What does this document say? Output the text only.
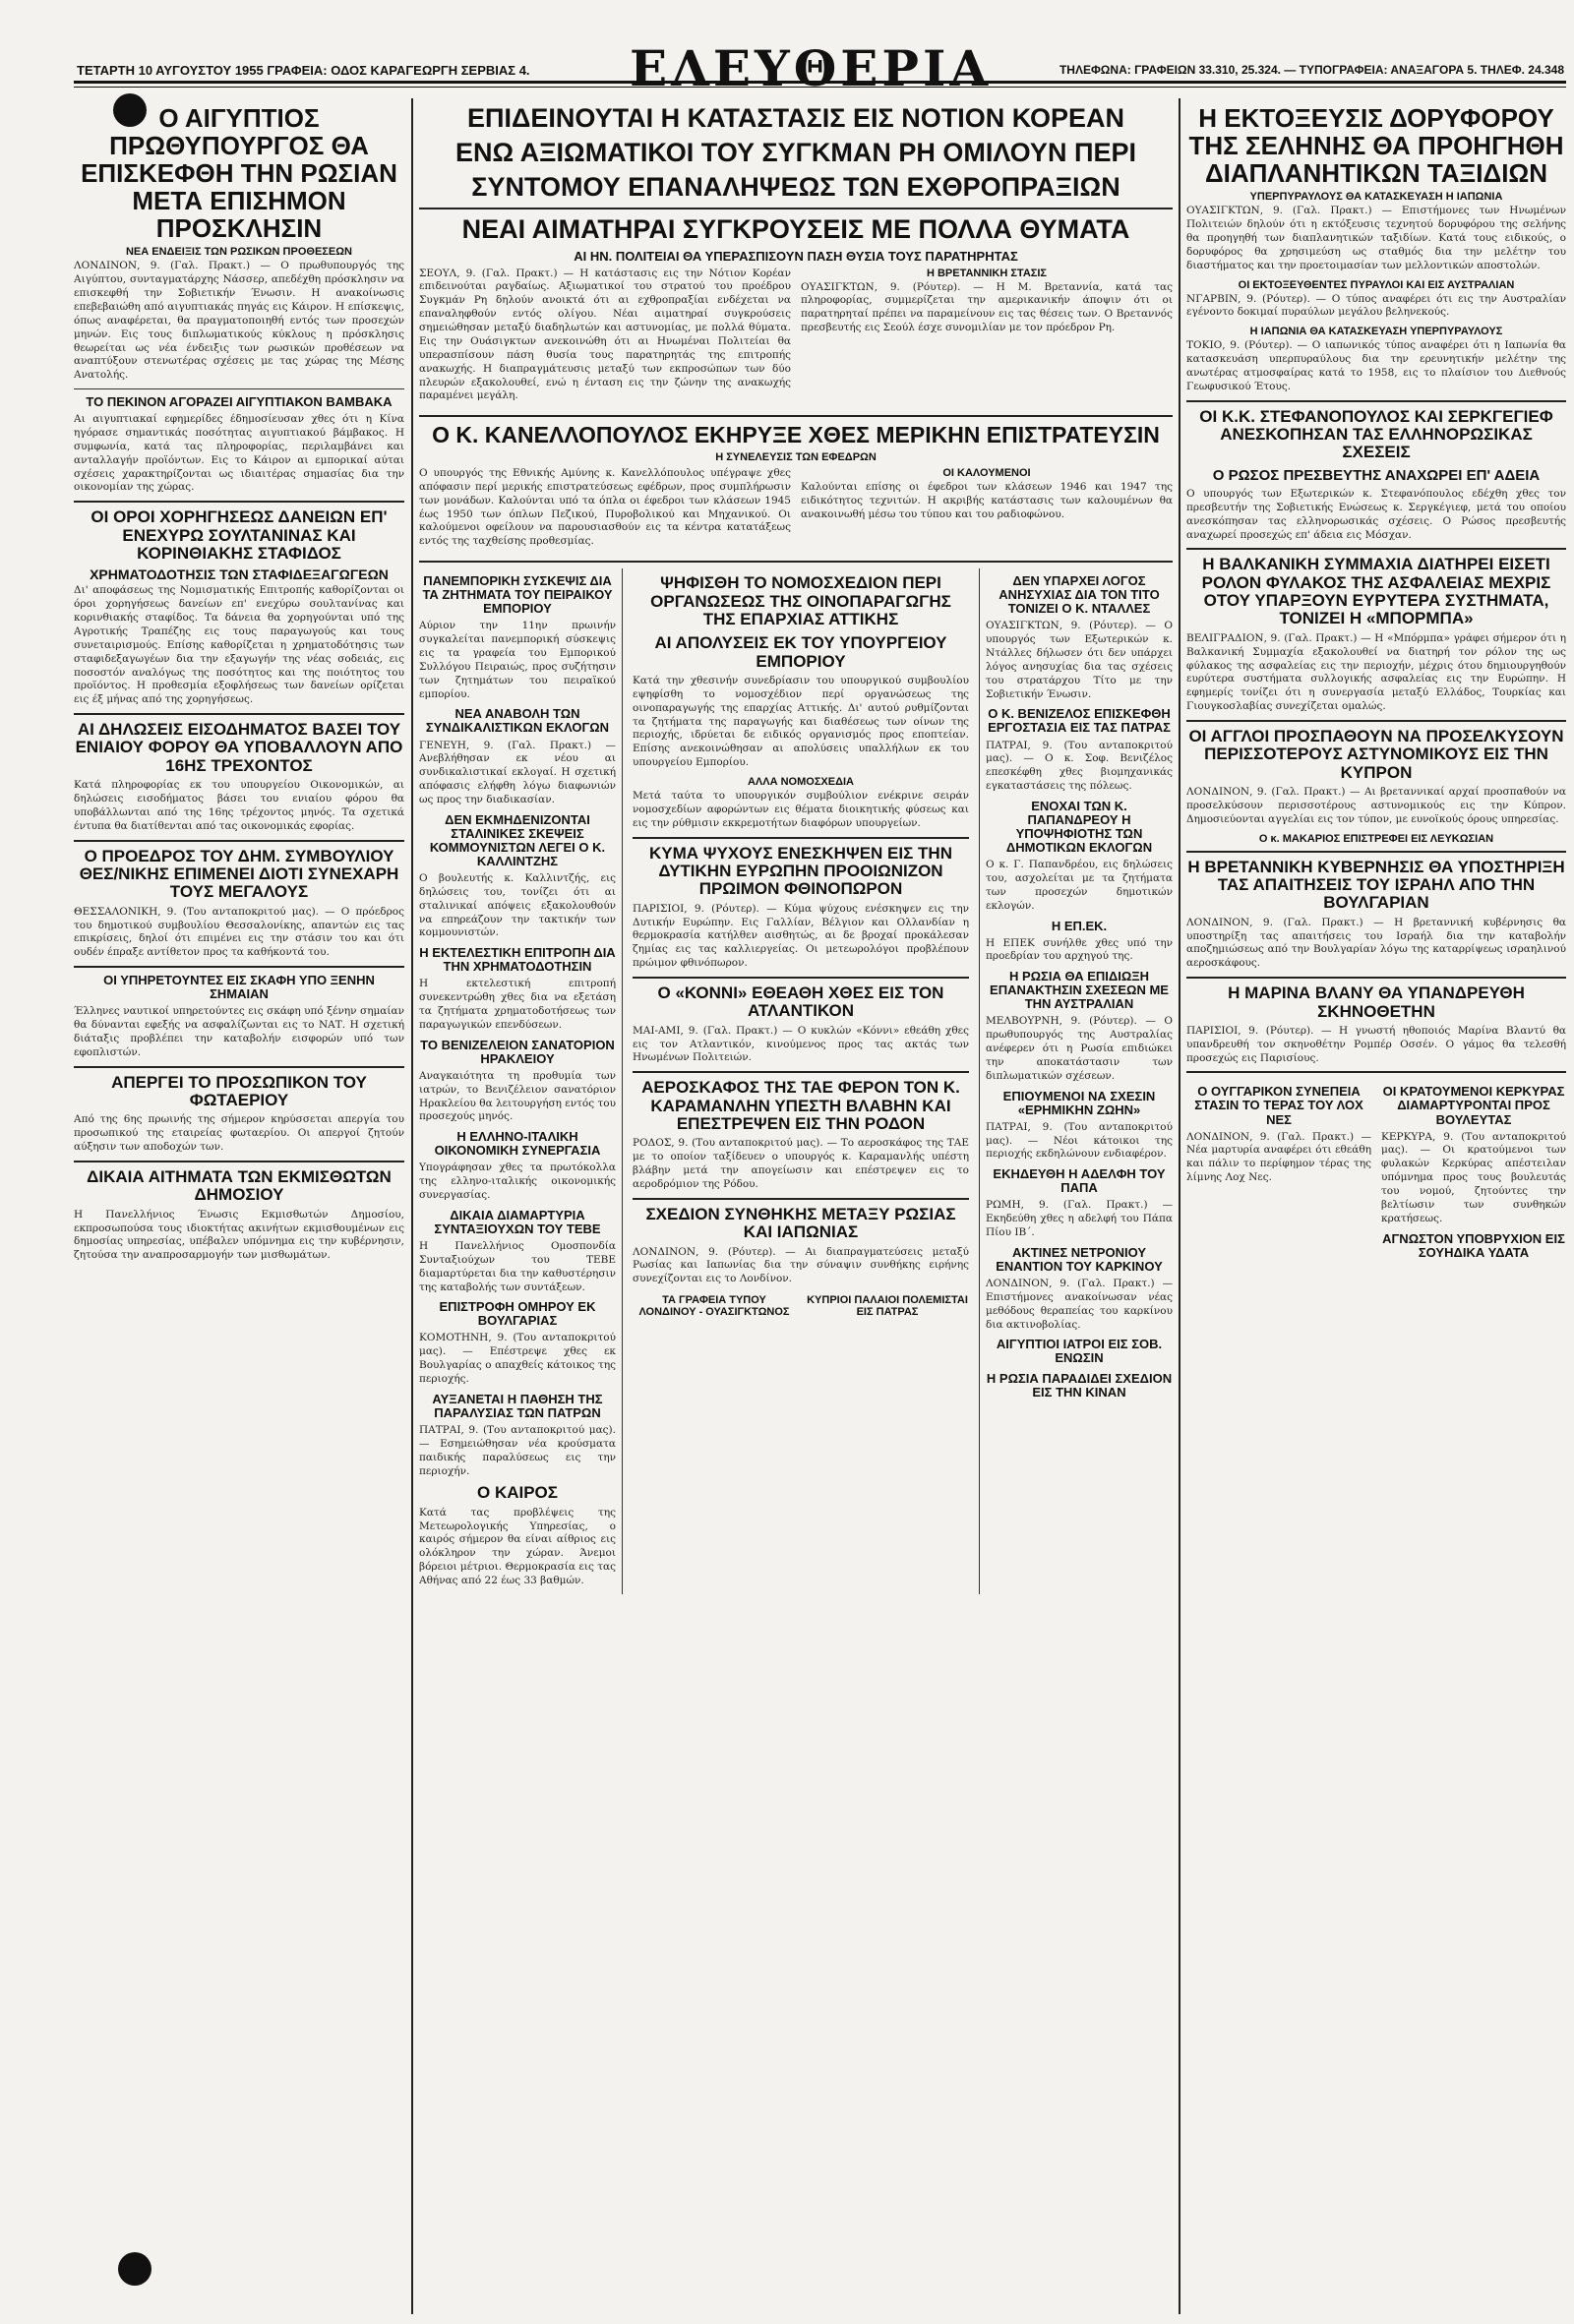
ΤΕΤΑΡΤΗ 10 ΑΥΓΟΥΣΤΟΥ 1955 ΓΡΑΦΕΙΑ: ΟΔΟΣ ΚΑΡΑΓΕΩΡΓΗ ΣΕΡΒΙΑΣ 4. ΕΛΕΥΘΕΡΙΑ	ΤΗΛΕΦΩΝΑ: ΓΡΑΦΕΙΩΝ 33.310, 25.324. — ΤΥΠΟΓΡΑΦΕΙΑ: ΑΝΑΞΑΓΟΡΑ 5. ΤΗΛΕΦ. 24.348
Ο ΑΙΓΥΠΤΙΟΣ ΠΡΩΘΥΠΟΥΡΓΟΣ ΘΑ ΕΠΙΣΚΕΦΘΗ ΤΗΝ ΡΩΣΙΑΝ ΜΕΤΑ ΕΠΙΣΗΜΟΝ ΠΡΟΣΚΛΗΣΙΝ
ΝΕΑ ΕΝΔΕΙΞΙΣ ΤΩΝ ΡΩΣΙΚΩΝ ΠΡΟΘΕΣΕΩΝ
ΛΟΝΔΙΝΟΝ, 9. (Γαλ. Πρακτ.) — Ο πρωθυπουργός της Αιγύπτου, συνταγματάρχης Νάσσερ, απεδέχθη πρόσκλησιν να επισκεφθή την Σοβιετικήν Ένωσιν. Η ανακοίνωσις επεβεβαιώθη από αιγυπτιακάς πηγάς εις Κάιρον. Η επίσκεψις, όπως αναφέρεται, θα πραγματοποιηθή εντός των προσεχών μηνών. Εις τους διπλωματικούς κύκλους η πρόσκλησις θεωρείται ως νέα ένδειξις των ρωσικών προθέσεων να αναπτύξουν στενωτέρας σχέσεις με τας χώρας της Μέσης Ανατολής.
ΤΟ ΠΕΚΙΝΟΝ ΑΓΟΡΑΖΕΙ ΑΙΓΥΠΤΙΑΚΟΝ ΒΑΜΒΑΚΑ
Αι αιγυπτιακαί εφημερίδες έδημοσίευσαν χθες ότι η Κίνα ηγόρασε σημαντικάς ποσότητας αιγυπτιακού βάμβακος. Η συμφωνία, κατά τας πληροφορίας, περιλαμβάνει και ανταλλαγήν προϊόντων. Εις το Κάιρον αι εμπορικαί αύται σχέσεις χαρακτηρίζονται ως ιδιαιτέρας σημασίας δια την οικονομίαν της χώρας.
ΟΙ ΟΡΟΙ ΧΟΡΗΓΗΣΕΩΣ ΔΑΝΕΙΩΝ ΕΠ' ΕΝΕΧΥΡΩ ΣΟΥΛΤΑΝΙΝΑΣ ΚΑΙ ΚΟΡΙΝΘΙΑΚΗΣ ΣΤΑΦΙΔΟΣ
ΧΡΗΜΑΤΟΔΟΤΗΣΙΣ ΤΩΝ ΣΤΑΦΙΔΕΞΑΓΩΓΕΩΝ
Δι' αποφάσεως της Νομισματικής Επιτροπής καθορίζονται οι όροι χορηγήσεως δανείων επ' ενεχύρω σουλτανίνας και κορινθιακής σταφίδος. Τα δάνεια θα χορηγούνται υπό της Αγροτικής Τραπέζης εις τους παραγωγούς και τους συνεταιρισμούς. Επίσης καθορίζεται η χρηματοδότησις των σταφιδεξαγωγέων δια την εξαγωγήν της νέας σοδειάς, εις ποσοστόν αναλόγως της ποσότητος και της ποιότητος του προϊόντος. Η προθεσμία εξοφλήσεως των δανείων ορίζεται εις έξ μήνας από της χορηγήσεως.
ΑΙ ΔΗΛΩΣΕΙΣ ΕΙΣΟΔΗΜΑΤΟΣ ΒΑΣΕΙ ΤΟΥ ΕΝΙΑΙΟΥ ΦΟΡΟΥ ΘΑ ΥΠΟΒΑΛΛΟΥΝ ΑΠΟ 16ΗΣ ΤΡΕΧΟΝΤΟΣ
Κατά πληροφορίας εκ του υπουργείου Οικονομικών, αι δηλώσεις εισοδήματος βάσει του ενιαίου φόρου θα υποβάλλωνται από της 16ης τρέχοντος μηνός. Τα σχετικά έντυπα θα διατίθενται από τας οικονομικάς εφορίας.
Ο ΠΡΟΕΔΡΟΣ ΤΟΥ ΔΗΜ. ΣΥΜΒΟΥΛΙΟΥ ΘΕΣ/ΝΙΚΗΣ ΕΠΙΜΕΝΕΙ ΔΙΟΤΙ ΣΥΝΕΧΑΡΗ ΤΟΥΣ ΜΕΓΑΛΟΥΣ
ΘΕΣΣΑΛΟΝΙΚΗ, 9. (Του ανταποκριτού μας). — Ο πρόεδρος του δημοτικού συμβουλίου Θεσσαλονίκης, απαντών εις τας επικρίσεις, δηλοί ότι επιμένει εις την στάσιν του και ότι ουδέν έπραξε αντίθετον προς τα καθήκοντά του.
ΟΙ ΥΠΗΡΕΤΟΥΝΤΕΣ ΕΙΣ ΣΚΑΦΗ ΥΠΟ ΞΕΝΗΝ ΣΗΜΑΙΑΝ
Έλληνες ναυτικοί υπηρετούντες εις σκάφη υπό ξένην σημαίαν θα δύνανται εφεξής να ασφαλίζωνται εις το ΝΑΤ. Η σχετική διάταξις προβλέπει την καταβολήν εισφορών υπό των εφοπλιστών.
ΑΠΕΡΓΕΙ ΤΟ ΠΡΟΣΩΠΙΚΟΝ ΤΟΥ ΦΩΤΑΕΡΙΟΥ
Από της 6ης πρωινής της σήμερον κηρύσσεται απεργία του προσωπικού της εταιρείας φωταερίου. Οι απεργοί ζητούν αύξησιν των αποδοχών των.
ΔΙΚΑΙΑ ΑΙΤΗΜΑΤΑ ΤΩΝ ΕΚΜΙΣΘΩΤΩΝ ΔΗΜΟΣΙΟΥ
Η Πανελλήνιος Ένωσις Εκμισθωτών Δημοσίου, εκπροσωπούσα τους ιδιοκτήτας ακινήτων εκμισθουμένων εις δημοσίας υπηρεσίας, υπέβαλεν υπόμνημα εις την κυβέρνησιν, ζητούσα την αναπροσαρμογήν των μισθωμάτων.
ΕΠΙΔΕΙΝΟΥΤΑΙ Η ΚΑΤΑΣΤΑΣΙΣ ΕΙΣ ΝΟΤΙΟΝ ΚΟΡΕΑΝ
ΕΝΩ ΑΞΙΩΜΑΤΙΚΟΙ ΤΟΥ ΣΥΓΚΜΑΝ ΡΗ ΟΜΙΛΟΥΝ ΠΕΡΙ
ΣΥΝΤΟΜΟΥ ΕΠΑΝΑΛΗΨΕΩΣ ΤΩΝ ΕΧΘΡΟΠΡΑΞΙΩΝ
ΝΕΑΙ ΑΙΜΑΤΗΡΑΙ ΣΥΓΚΡΟΥΣΕΙΣ ΜΕ ΠΟΛΛΑ ΘΥΜΑΤΑ
ΑΙ ΗΝ. ΠΟΛΙΤΕΙΑΙ ΘΑ ΥΠΕΡΑΣΠΙΣΟΥΝ ΠΑΣΗ ΘΥΣΙΑ ΤΟΥΣ ΠΑΡΑΤΗΡΗΤΑΣ
ΣΕΟΥΛ, 9. (Γαλ. Πρακτ.) — Η κατάστασις εις την Νότιον Κορέαν επιδεινούται ραγδαίως. Αξιωματικοί του στρατού του προέδρου Συγκμάν Ρη δηλούν ανοικτά ότι αι εχθροπραξίαι ενδέχεται να επαναληφθούν εντός ολίγου. Νέαι αιματηραί συγκρούσεις σημειώθησαν μεταξύ διαδηλωτών και αστυνομίας, με πολλά θύματα. Εις την Ουάσιγκτων ανεκοινώθη ότι αι Ηνωμέναι Πολιτείαι θα υπερασπίσουν πάση θυσία τους παρατηρητάς της επιτροπής ανακωχής. Η διαπραγμάτευσις μεταξύ των εκπροσώπων των δύο πλευρών εξακολουθεί, ενώ η ένταση εις την ζώνην της ανακωχής παραμένει μεγάλη.
Η ΒΡΕΤΑΝΝΙΚΗ ΣΤΑΣΙΣ
ΟΥΑΣΙΓΚΤΩΝ, 9. (Ρόυτερ). — Η Μ. Βρεταννία, κατά τας πληροφορίας, συμμερίζεται την αμερικανικήν άποψιν ότι οι παρατηρηταί πρέπει να παραμείνουν εις τας θέσεις των. Ο Βρεταννός πρεσβευτής εις Σεούλ έσχε συνομιλίαν με τον πρόεδρον Ρη.
Ο Κ. ΚΑΝΕΛΛΟΠΟΥΛΟΣ ΕΚΗΡΥΞΕ ΧΘΕΣ ΜΕΡΙΚΗΝ ΕΠΙΣΤΡΑΤΕΥΣΙΝ
Η ΣΥΝΕΛΕΥΣΙΣ ΤΩΝ ΕΦΕΔΡΩΝ
Ο υπουργός της Εθνικής Αμύνης κ. Κανελλόπουλος υπέγραψε χθες απόφασιν περί μερικής επιστρατεύσεως εφέδρων, προς συμπλήρωσιν των μονάδων. Καλούνται υπό τα όπλα οι έφεδροι των κλάσεων 1945 έως 1950 των όπλων Πεζικού, Πυροβολικού και Μηχανικού. Οι καλούμενοι οφείλουν να παρουσιασθούν εις τα κέντρα κατατάξεως εντός της ταχθείσης προθεσμίας.
ΟΙ ΚΑΛΟΥΜΕΝΟΙ
Καλούνται επίσης οι έφεδροι των κλάσεων 1946 και 1947 της ειδικότητος τεχνιτών. Η ακριβής κατάστασις των καλουμένων θα ανακοινωθή μέσω του τύπου και του ραδιοφώνου.
ΠΑΝΕΜΠΟΡΙΚΗ ΣΥΣΚΕΨΙΣ ΔΙΑ ΤΑ ΖΗΤΗΜΑΤΑ ΤΟΥ ΠΕΙΡΑΙΚΟΥ ΕΜΠΟΡΙΟΥ
Αύριον την 11ην πρωινήν συγκαλείται πανεμπορική σύσκεψις εις τα γραφεία του Εμπορικού Συλλόγου Πειραιώς, προς συζήτησιν των ζητημάτων του πειραϊκού εμπορίου.
ΝΕΑ ΑΝΑΒΟΛΗ ΤΩΝ ΣΥΝΔΙΚΑΛΙΣΤΙΚΩΝ ΕΚΛΟΓΩΝ
ΓΕΝΕΥΗ, 9. (Γαλ. Πρακτ.) — Ανεβλήθησαν εκ νέου αι συνδικαλιστικαί εκλογαί. Η σχετική απόφασις ελήφθη λόγω διαφωνιών ως προς την διαδικασίαν.
ΔΕΝ ΕΚΜΗΔΕΝΙΖΟΝΤΑΙ ΣΤΑΛΙΝΙΚΕΣ ΣΚΕΨΕΙΣ ΚΟΜΜΟΥΝΙΣΤΩΝ ΛΕΓΕΙ Ο Κ. ΚΑΛΛΙΝΤΖΗΣ
Ο βουλευτής κ. Καλλιντζής, εις δηλώσεις του, τονίζει ότι αι σταλινικαί απόψεις εξακολουθούν να επηρεάζουν την τακτικήν των κομμουνιστών.
Η ΕΚΤΕΛΕΣΤΙΚΗ ΕΠΙΤΡΟΠΗ ΔΙΑ ΤΗΝ ΧΡΗΜΑΤΟΔΟΤΗΣΙΝ
Η εκτελεστική επιτροπή συνεκεντρώθη χθες δια να εξετάση τα ζητήματα χρηματοδοτήσεως των παραγωγικών επενδύσεων.
ΤΟ ΒΕΝΙΖΕΛΕΙΟΝ ΣΑΝΑΤΟΡΙΟΝ ΗΡΑΚΛΕΙΟΥ
Αναγκαιότητα τη προθυμία των ιατρών, το Βενιζέλειον σανατόριον Ηρακλείου θα λειτουργήση εντός του προσεχούς μηνός.
Η ΕΛΛΗΝΟ-ΙΤΑΛΙΚΗ ΟΙΚΟΝΟΜΙΚΗ ΣΥΝΕΡΓΑΣΙΑ
Υπογράφησαν χθες τα πρωτόκολλα της ελληνο-ιταλικής οικονομικής συνεργασίας.
ΔΙΚΑΙΑ ΔΙΑΜΑΡΤΥΡΙΑ ΣΥΝΤΑΞΙΟΥΧΩΝ ΤΟΥ ΤΕΒΕ
Η Πανελλήνιος Ομοσπονδία Συνταξιούχων του ΤΕΒΕ διαμαρτύρεται δια την καθυστέρησιν της καταβολής των συντάξεων.
ΕΠΙΣΤΡΟΦΗ ΟΜΗΡΟΥ ΕΚ ΒΟΥΛΓΑΡΙΑΣ
ΚΟΜΟΤΗΝΗ, 9. (Του ανταποκριτού μας). — Επέστρεψε χθες εκ Βουλγαρίας ο απαχθείς κάτοικος της περιοχής.
ΑΥΞΑΝΕΤΑΙ Η ΠΑΘΗΣΗ ΤΗΣ ΠΑΡΑΛΥΣΙΑΣ ΤΩΝ ΠΑΤΡΩΝ
ΠΑΤΡΑΙ, 9. (Του ανταποκριτού μας). — Εσημειώθησαν νέα κρούσματα παιδικής παραλύσεως εις την περιοχήν.
Ο ΚΑΙΡΟΣ
Κατά τας προβλέψεις της Μετεωρολογικής Υπηρεσίας, ο καιρός σήμερον θα είναι αίθριος εις ολόκληρον την χώραν. Άνεμοι βόρειοι μέτριοι. Θερμοκρασία εις τας Αθήνας από 22 έως 33 βαθμών.
ΨΗΦΙΣΘΗ ΤΟ ΝΟΜΟΣΧΕΔΙΟΝ ΠΕΡΙ ΟΡΓΑΝΩΣΕΩΣ ΤΗΣ ΟΙΝΟΠΑΡΑΓΩΓΗΣ ΤΗΣ ΕΠΑΡΧΙΑΣ ΑΤΤΙΚΗΣ
ΑΙ ΑΠΟΛΥΣΕΙΣ ΕΚ ΤΟΥ ΥΠΟΥΡΓΕΙΟΥ ΕΜΠΟΡΙΟΥ
Κατά την χθεσινήν συνεδρίασιν του υπουργικού συμβουλίου εψηφίσθη το νομοσχέδιον περί οργανώσεως της οινοπαραγωγής της επαρχίας Αττικής. Δι' αυτού ρυθμίζονται τα ζητήματα της παραγωγής και διαθέσεως των οίνων της περιοχής, ιδρύεται δε ειδικός οργανισμός προς εποπτείαν. Επίσης ανεκοινώθησαν αι απολύσεις υπαλλήλων εκ του υπουργείου Εμπορίου.
ΑΛΛΑ ΝΟΜΟΣΧΕΔΙΑ
Μετά ταύτα το υπουργικόν συμβούλιον ενέκρινε σειράν νομοσχεδίων αφορώντων εις θέματα διοικητικής φύσεως και εις την ρύθμισιν εκκρεμοτήτων διαφόρων υπουργείων.
ΚΥΜΑ ΨΥΧΟΥΣ ΕΝΕΣΚΗΨΕΝ ΕΙΣ ΤΗΝ ΔΥΤΙΚΗΝ ΕΥΡΩΠΗΝ ΠΡΟΟΙΩΝΙΖΟΝ ΠΡΩΙΜΟΝ ΦΘΙΝΟΠΩΡΟΝ
ΠΑΡΙΣΙΟΙ, 9. (Ρόυτερ). — Κύμα ψύχους ενέσκηψεν εις την Δυτικήν Ευρώπην. Εις Γαλλίαν, Βέλγιον και Ολλανδίαν η θερμοκρασία κατήλθεν αισθητώς, αι δε βροχαί προκάλεσαν ζημίας εις τας καλλιεργείας. Οι μετεωρολόγοι προβλέπουν πρώιμον φθινόπωρον.
Ο «ΚΟΝΝΙ» ΕΘΕΑΘΗ ΧΘΕΣ ΕΙΣ ΤΟΝ ΑΤΛΑΝΤΙΚΟΝ
ΜΑΙ-ΑΜΙ, 9. (Γαλ. Πρακτ.) — Ο κυκλών «Κόννι» εθεάθη χθες εις τον Ατλαντικόν, κινούμενος προς τας ακτάς των Ηνωμένων Πολιτειών.
ΑΕΡΟΣΚΑΦΟΣ ΤΗΣ ΤΑΕ ΦΕΡΟΝ ΤΟΝ Κ. ΚΑΡΑΜΑΝΛΗΝ ΥΠΕΣΤΗ ΒΛΑΒΗΝ ΚΑΙ ΕΠΕΣΤΡΕΨΕΝ ΕΙΣ ΤΗΝ ΡΟΔΟΝ
ΡΟΔΟΣ, 9. (Του ανταποκριτού μας). — Το αεροσκάφος της ΤΑΕ με το οποίον ταξίδευεν ο υπουργός κ. Καραμανλής υπέστη βλάβην μετά την απογείωσιν και επέστρεψεν εις το αεροδρόμιον της Ρόδου.
ΣΧΕΔΙΟΝ ΣΥΝΘΗΚΗΣ ΜΕΤΑΞΥ ΡΩΣΙΑΣ ΚΑΙ ΙΑΠΩΝΙΑΣ
ΛΟΝΔΙΝΟΝ, 9. (Ρόυτερ). — Αι διαπραγματεύσεις μεταξύ Ρωσίας και Ιαπωνίας δια την σύναψιν συνθήκης ειρήνης συνεχίζονται εις το Λονδίνον.
ΤΑ ΓΡΑΦΕΙΑ ΤΥΠΟΥ ΛΟΝΔΙΝΟΥ - ΟΥΑΣΙΓΚΤΩΝΟΣ
ΚΥΠΡΙΟΙ ΠΑΛΑΙΟΙ ΠΟΛΕΜΙΣΤΑΙ ΕΙΣ ΠΑΤΡΑΣ
ΔΕΝ ΥΠΑΡΧΕΙ ΛΟΓΟΣ ΑΝΗΣΥΧΙΑΣ ΔΙΑ ΤΟΝ ΤΙΤΟ ΤΟΝΙΖΕΙ Ο Κ. ΝΤΑΛΛΕΣ
ΟΥΑΣΙΓΚΤΩΝ, 9. (Ρόυτερ). — Ο υπουργός των Εξωτερικών κ. Ντάλλες δήλωσεν ότι δεν υπάρχει λόγος ανησυχίας δια τας σχέσεις του στρατάρχου Τίτο με την Σοβιετικήν Ένωσιν.
Ο Κ. ΒΕΝΙΖΕΛΟΣ ΕΠΙΣΚΕΦΘΗ ΕΡΓΟΣΤΑΣΙΑ ΕΙΣ ΤΑΣ ΠΑΤΡΑΣ
ΠΑΤΡΑΙ, 9. (Του ανταποκριτού μας). — Ο κ. Σοφ. Βενιζέλος επεσκέφθη χθες βιομηχανικάς εγκαταστάσεις της πόλεως.
ΕΝΟΧΑΙ ΤΩΝ Κ. ΠΑΠΑΝΔΡΕΟΥ Η ΥΠΟΨΗΦΙΟΤΗΣ ΤΩΝ ΔΗΜΟΤΙΚΩΝ ΕΚΛΟΓΩΝ
Ο κ. Γ. Παπανδρέου, εις δηλώσεις του, ασχολείται με τα ζητήματα των προσεχών δημοτικών εκλογών.
Η ΕΠ.ΕΚ.
Η ΕΠΕΚ συνήλθε χθες υπό την προεδρίαν του αρχηγού της.
Η ΡΩΣΙΑ ΘΑ ΕΠΙΔΙΩΞΗ ΕΠΑΝΑΚΤΗΣΙΝ ΣΧΕΣΕΩΝ ΜΕ ΤΗΝ ΑΥΣΤΡΑΛΙΑΝ
ΜΕΛΒΟΥΡΝΗ, 9. (Ρόυτερ). — Ο πρωθυπουργός της Αυστραλίας ανέφερεν ότι η Ρωσία επιδιώκει την αποκατάστασιν των διπλωματικών σχέσεων.
ΕΠΙΟΥΜΕΝΟΙ ΝΑ ΣΧΕΣΙΝ «ΕΡΗΜΙΚΗΝ ΖΩΗΝ»
ΠΑΤΡΑΙ, 9. (Του ανταποκριτού μας). — Νέοι κάτοικοι της περιοχής εκδηλώνουν ενδιαφέρον.
ΕΚΗΔΕΥΘΗ Η ΑΔΕΛΦΗ ΤΟΥ ΠΑΠΑ
ΡΩΜΗ, 9. (Γαλ. Πρακτ.) — Εκηδεύθη χθες η αδελφή του Πάπα Πίου ΙΒ΄.
ΑΚΤΙΝΕΣ ΝΕΤΡΟΝΙΟΥ ΕΝΑΝΤΙΟΝ ΤΟΥ ΚΑΡΚΙΝΟΥ
ΛΟΝΔΙΝΟΝ, 9. (Γαλ. Πρακτ.) — Επιστήμονες ανακοίνωσαν νέας μεθόδους θεραπείας του καρκίνου δια ακτινοβολίας.
ΑΙΓΥΠΤΙΟΙ ΙΑΤΡΟΙ ΕΙΣ ΣΟΒ. ΕΝΩΣΙΝ
Η ΡΩΣΙΑ ΠΑΡΑΔΙΔΕΙ ΣΧΕΔΙΟΝ ΕΙΣ ΤΗΝ ΚΙΝΑΝ
Η ΕΚΤΟΞΕΥΣΙΣ ΔΟΡΥΦΟΡΟΥ ΤΗΣ ΣΕΛΗΝΗΣ ΘΑ ΠΡΟΗΓΗΘΗ ΔΙΑΠΛΑΝΗΤΙΚΩΝ ΤΑΞΙΔΙΩΝ
ΥΠΕΡΠΥΡΑΥΛΟΥΣ ΘΑ ΚΑΤΑΣΚΕΥΑΣΗ Η ΙΑΠΩΝΙΑ
ΟΥΑΣΙΓΚΤΩΝ, 9. (Γαλ. Πρακτ.) — Επιστήμονες των Ηνωμένων Πολιτειών δηλούν ότι η εκτόξευσις τεχνητού δορυφόρου της σελήνης θα προηγηθή των διαπλανητικών ταξιδίων. Κατά τους ειδικούς, ο δορυφόρος θα χρησιμεύση ως σταθμός δια την μελέτην του διαστήματος και την προετοιμασίαν των μελλοντικών αποστολών.
ΟΙ ΕΚΤΟΞΕΥΘΕΝΤΕΣ ΠΥΡΑΥΛΟΙ ΚΑΙ ΕΙΣ ΑΥΣΤΡΑΛΙΑΝ
ΝΓΑΡΒΙΝ, 9. (Ρόυτερ). — Ο τύπος αναφέρει ότι εις την Αυστραλίαν εγένοντο δοκιμαί πυραύλων μεγάλου βεληνεκούς.
Η ΙΑΠΩΝΙΑ ΘΑ ΚΑΤΑΣΚΕΥΑΣΗ ΥΠΕΡΠΥΡΑΥΛΟΥΣ
ΤΟΚΙΟ, 9. (Ρόυτερ). — Ο ιαπωνικός τύπος αναφέρει ότι η Ιαπωνία θα κατασκευάση υπερπυραύλους δια την ερευνητικήν μελέτην της ανωτέρας ατμοσφαίρας κατά το 1958, εις το πλαίσιον του Διεθνούς Γεωφυσικού Έτους.
ΟΙ Κ.Κ. ΣΤΕΦΑΝΟΠΟΥΛΟΣ ΚΑΙ ΣΕΡΚΓΕΓΙΕΦ ΑΝΕΣΚΟΠΗΣΑΝ ΤΑΣ ΕΛΛΗΝΟΡΩΣΙΚΑΣ ΣΧΕΣΕΙΣ
Ο ΡΩΣΟΣ ΠΡΕΣΒΕΥΤΗΣ ΑΝΑΧΩΡΕΙ ΕΠ' ΑΔΕΙΑ
Ο υπουργός των Εξωτερικών κ. Στεφανόπουλος εδέχθη χθες τον πρεσβευτήν της Σοβιετικής Ενώσεως κ. Σεργκέγιεφ, μετά του οποίου ανεσκόπησαν τας ελληνορωσικάς σχέσεις. Ο Ρώσος πρεσβευτής αναχωρεί προσεχώς επ' άδεια εις Μόσχαν.
Η ΒΑΛΚΑΝΙΚΗ ΣΥΜΜΑΧΙΑ ΔΙΑΤΗΡΕΙ ΕΙΣΕΤΙ ΡΟΛΟΝ ΦΥΛΑΚΟΣ ΤΗΣ ΑΣΦΑΛΕΙΑΣ ΜΕΧΡΙΣ ΟΤΟΥ ΥΠΑΡΞΟΥΝ ΕΥΡΥΤΕΡΑ ΣΥΣΤΗΜΑΤΑ, ΤΟΝΙΖΕΙ Η «ΜΠΟΡΜΠΑ»
ΒΕΛΙΓΡΑΔΙΟΝ, 9. (Γαλ. Πρακτ.) — Η «Μπόρμπα» γράφει σήμερον ότι η Βαλκανική Συμμαχία εξακολουθεί να διατηρή τον ρόλον της ως φύλακος της ασφαλείας εις την περιοχήν, μέχρις ότου δημιουργηθούν ευρύτερα συστήματα συλλογικής ασφαλείας εις την Ευρώπην. Η εφημερίς τονίζει ότι η συνεργασία μεταξύ Ελλάδος, Τουρκίας και Γιουγκοσλαβίας συνεχίζεται ομαλώς.
ΟΙ ΑΓΓΛΟΙ ΠΡΟΣΠΑΘΟΥΝ ΝΑ ΠΡΟΣΕΛΚΥΣΟΥΝ ΠΕΡΙΣΣΟΤΕΡΟΥΣ ΑΣΤΥΝΟΜΙΚΟΥΣ ΕΙΣ ΤΗΝ ΚΥΠΡΟΝ
ΛΟΝΔΙΝΟΝ, 9. (Γαλ. Πρακτ.) — Αι βρεταννικαί αρχαί προσπαθούν να προσελκύσουν περισσοτέρους αστυνομικούς εις την Κύπρον. Δημοσιεύονται αγγελίαι εις τον τύπον, με ευνοϊκούς όρους υπηρεσίας.
Ο κ. ΜΑΚΑΡΙΟΣ ΕΠΙΣΤΡΕΦΕΙ ΕΙΣ ΛΕΥΚΩΣΙΑΝ
Η ΒΡΕΤΑΝΝΙΚΗ ΚΥΒΕΡΝΗΣΙΣ ΘΑ ΥΠΟΣΤΗΡΙΞΗ ΤΑΣ ΑΠΑΙΤΗΣΕΙΣ ΤΟΥ ΙΣΡΑΗΛ ΑΠΟ ΤΗΝ ΒΟΥΛΓΑΡΙΑΝ
ΛΟΝΔΙΝΟΝ, 9. (Γαλ. Πρακτ.) — Η βρεταννική κυβέρνησις θα υποστηρίξη τας απαιτήσεις του Ισραήλ δια την καταβολήν αποζημιώσεως από την Βουλγαρίαν λόγω της καταρρίψεως ισραηλινού αεροσκάφους.
Η ΜΑΡΙΝΑ ΒΛΑΝΥ ΘΑ ΥΠΑΝΔΡΕΥΘΗ ΣΚΗΝΟΘΕΤΗΝ
ΠΑΡΙΣΙΟΙ, 9. (Ρόυτερ). — Η γνωστή ηθοποιός Μαρίνα Βλαντύ θα υπανδρευθή τον σκηνοθέτην Ρομπέρ Οσσέν. Ο γάμος θα τελεσθή προσεχώς εις Παρισίους.
Ο ΟΥΓΓΑΡΙΚΟΝ ΣΥΝΕΠΕΙΑ ΣΤΑΣΙΝ ΤΟ ΤΕΡΑΣ ΤΟΥ ΛΟΧ ΝΕΣ
ΛΟΝΔΙΝΟΝ, 9. (Γαλ. Πρακτ.) — Νέα μαρτυρία αναφέρει ότι εθεάθη και πάλιν το περίφημον τέρας της λίμνης Λοχ Νες.
ΟΙ ΚΡΑΤΟΥΜΕΝΟΙ ΚΕΡΚΥΡΑΣ ΔΙΑΜΑΡΤΥΡΟΝΤΑΙ ΠΡΟΣ ΒΟΥΛΕΥΤΑΣ
ΚΕΡΚΥΡΑ, 9. (Του ανταποκριτού μας). — Οι κρατούμενοι των φυλακών Κερκύρας απέστειλαν υπόμνημα προς τους βουλευτάς του νομού, ζητούντες την βελτίωσιν των συνθηκών κρατήσεως.
ΑΓΝΩΣΤΟΝ ΥΠΟΒΡΥΧΙΟΝ ΕΙΣ ΣΟΥΗΔΙΚΑ ΥΔΑΤΑ
